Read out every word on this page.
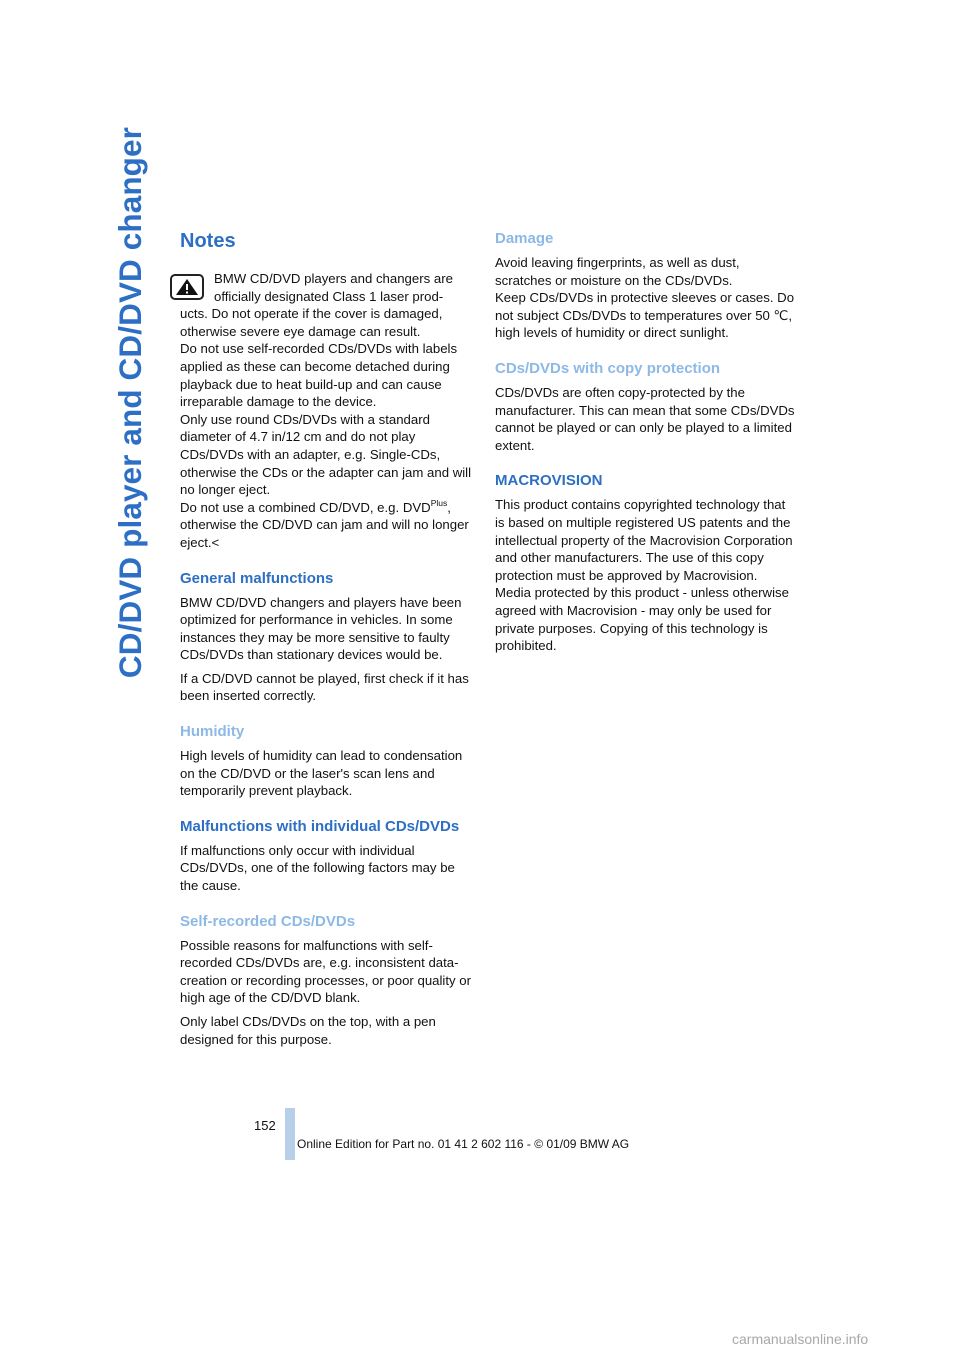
CD/DVD player and CD/DVD changer	Notes
BMW CD/DVD players and changers are
officially designated Class 1 laser prod-
ucts. Do not operate if the cover is damaged, otherwise severe eye damage can result.
Do not use self-recorded CDs/DVDs with labels applied as these can become detached during playback due to heat build-up and can cause irreparable damage to the device.
Only use round CDs/DVDs with a standard diameter of 4.7 in/12 cm and do not play CDs/DVDs with an adapter, e.g. Single-CDs, otherwise the CDs or the adapter can jam and will no longer eject.
Do not use a combined CD/DVD, e.g. $DVD^{Plus}$, otherwise the CD/DVD can jam and will no longer eject.<
General malfunctions

BMW CD/DVD changers and players have been optimized for performance in vehicles. In some instances they may be more sensitive to faulty CDs/DVDs than stationary devices would be.

If a CD/DVD cannot be played, first check if it has been inserted correctly.

Humidity

High levels of humidity can lead to condensation on the CD/DVD or the laser's scan lens and temporarily prevent playback.

Malfunctions with individual CDs/DVDs

If malfunctions only occur with individual CDs/DVDs, one of the following factors may be the cause.

Self-recorded CDs/DVDs

Possible reasons for malfunctions with self-recorded CDs/DVDs are, e.g. inconsistent data-creation or recording processes, or poor quality or high age of the CD/DVD blank.

Only label CDs/DVDs on the top, with a pen designed for this purpose.

Damage

Avoid leaving fingerprints, as well as dust, scratches or moisture on the CDs/DVDs.
Keep CDs/DVDs in protective sleeves or cases. Do not subject CDs/DVDs to temperatures over 50 ℃, high levels of humidity or direct sunlight.

CDs/DVDs with copy protection

CDs/DVDs are often copy-protected by the manufacturer. This can mean that some CDs/DVDs cannot be played or can only be played to a limited extent.

MACROVISION

This product contains copyrighted technology that is based on multiple registered US patents and the intellectual property of the Macrovision Corporation and other manufacturers. The use of this copy protection must be approved by Macrovision. Media protected by this product - unless otherwise agreed with Macrovision - may only be used for private purposes. Copying of this technology is prohibited.

152
Online Edition for Part no. 01 41 2 602 116 - © 01/09 BMW AG
carmanualsonline.info
